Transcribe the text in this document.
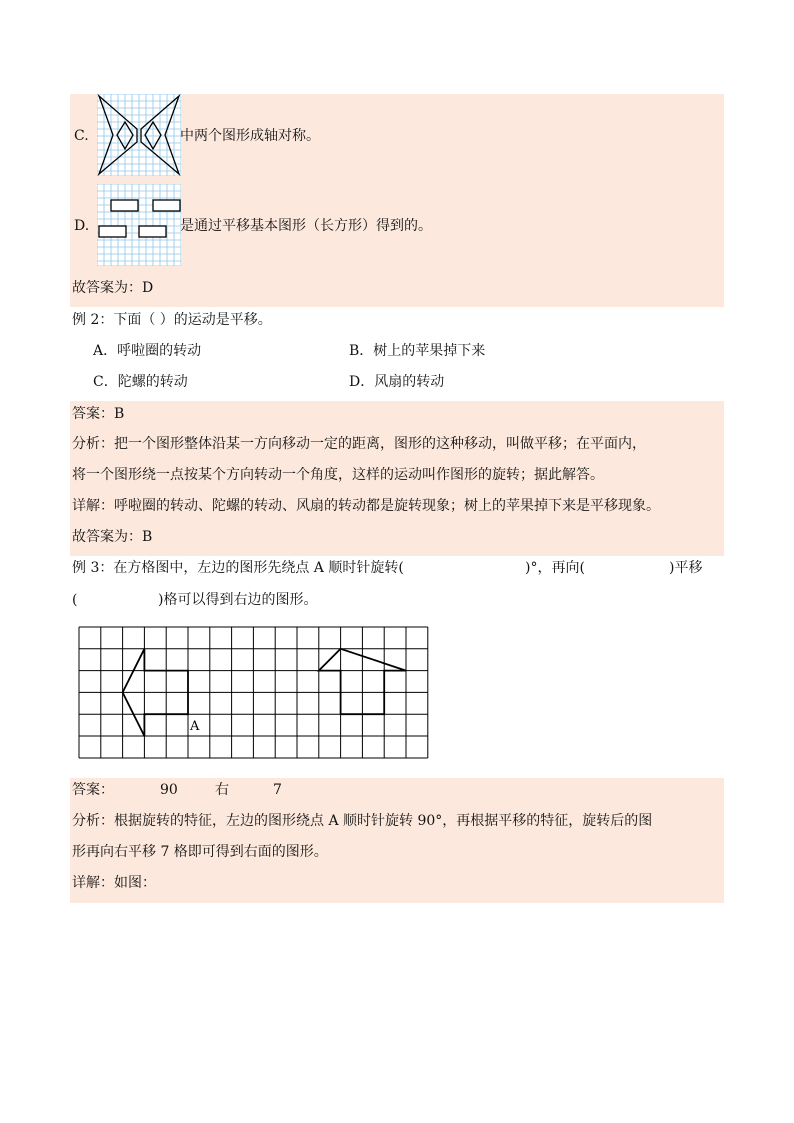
C.	中两个图形成轴对称。
D.	是通过平移基本图形（长方形）得到的。
故答案为：D
例 2：下面（ ）的运动是平移。
A．呼啦圈的转动	B．树上的苹果掉下来
C．陀螺的转动	D．风扇的转动
答案：B
分析：把一个图形整体沿某一方向移动一定的距离，图形的这种移动，叫做平移；在平面内，
将一个图形绕一点按某个方向转动一个角度，这样的运动叫作图形的旋转；据此解答。
详解：呼啦圈的转动、陀螺的转动、风扇的转动都是旋转现象；树上的苹果掉下来是平移现象。
故答案为：B
例 3：在方格图中，左边的图形先绕点 A 顺时针旋转(	)°，再向(	)平移
(	)格可以得到右边的图形。
A
答案：	90	右	7
分析：根据旋转的特征，左边的图形绕点 A 顺时针旋转 90°，再根据平移的特征，旋转后的图
形再向右平移 7 格即可得到右面的图形。
详解：如图：
